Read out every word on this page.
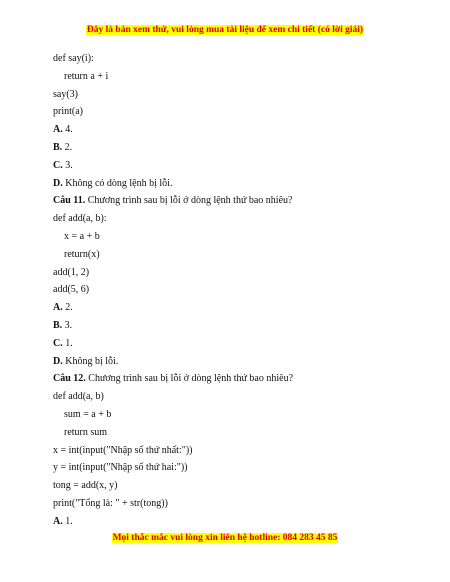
Đây là bản xem thử, vui lòng mua tài liệu để xem chi tiết (có lời giải)
def say(i):
return a + i
say(3)
print(a)
A. 4.
B. 2.
C. 3.
D. Không có dòng lệnh bị lỗi.
Câu 11. Chương trình sau bị lỗi ở dòng lệnh thứ bao nhiêu?
def add(a, b):
x = a + b
return(x)
add(1, 2)
add(5, 6)
A. 2.
B. 3.
C. 1.
D. Không bị lỗi.
Câu 12. Chương trình sau bị lỗi ở dòng lệnh thứ bao nhiêu?
def add(a, b)
sum = a + b
return sum
x = int(input("Nhập số thứ nhất:"))
y = int(input("Nhập số thứ hai:"))
tong = add(x, y)
print("Tổng là: " + str(tong))
A. 1.
Mọi thắc mắc vui lòng xin liên hệ hotline: 084 283 45 85
